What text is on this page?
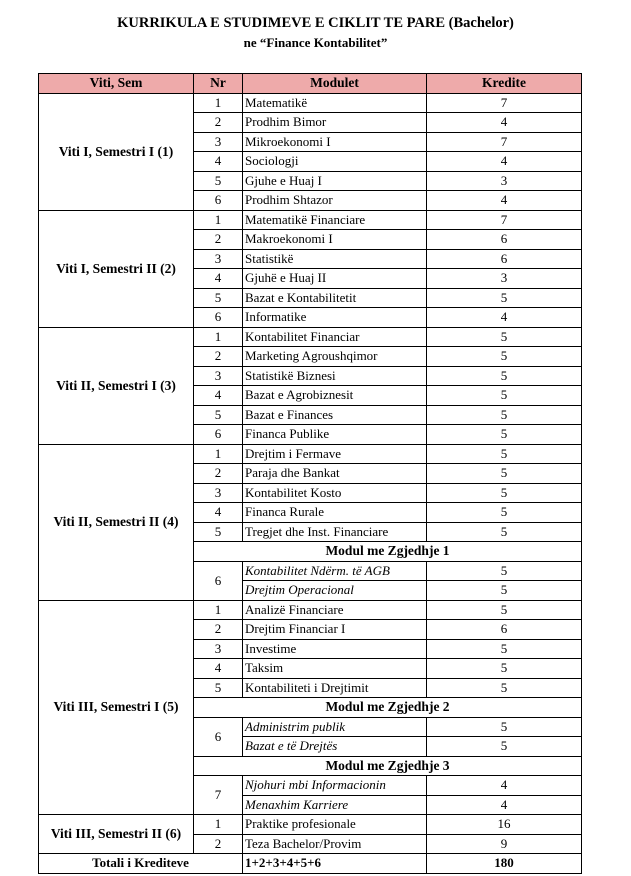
KURRIKULA E STUDIMEVE E CIKLIT TE PARE (Bachelor)
ne “Finance Kontabilitet”
Viti, Sem	Nr	Modulet	Kredite
Viti I, Semestri I (1)	1	Matematikë	7
	2	Prodhim Bimor	4
	3	Mikroekonomi I	7
	4	Sociologji	4
	5	Gjuhe e Huaj I	3
	6	Prodhim Shtazor	4
Viti I, Semestri II (2)	1	Matematikë Financiare	7
	2	Makroekonomi I	6
	3	Statistikë	6
	4	Gjuhë e Huaj II	3
	5	Bazat e Kontabilitetit	5
	6	Informatike	4
Viti II, Semestri I (3)	1	Kontabilitet Financiar	5
	2	Marketing Agroushqimor	5
	3	Statistikë Biznesi	5
	4	Bazat e Agrobiznesit	5
	5	Bazat e Finances	5
	6	Financa Publike	5
Viti II, Semestri II (4)	1	Drejtim i Fermave	5
	2	Paraja dhe Bankat	5
	3	Kontabilitet Kosto	5
	4	Financa Rurale	5
	5	Tregjet dhe Inst. Financiare	5
	Modul me Zgjedhje 1		
	6	Kontabilitet Ndërm. të AGB	5
		Drejtim Operacional	5
Viti III, Semestri I (5)	1	Analizë Financiare	5
	2	Drejtim Financiar I	6
	3	Investime	5
	4	Taksim	5
	5	Kontabiliteti i Drejtimit	5
	Modul me Zgjedhje 2		
	6	Administrim publik	5
		Bazat e të Drejtës	5
	Modul me Zgjedhje 3		
	7	Njohuri mbi Informacionin	4
		Menaxhim Karriere	4
Viti III, Semestri II (6)	1	Praktike profesionale	16
	2	Teza Bachelor/Provim	9
Totali i Krediteve		1+2+3+4+5+6	180
